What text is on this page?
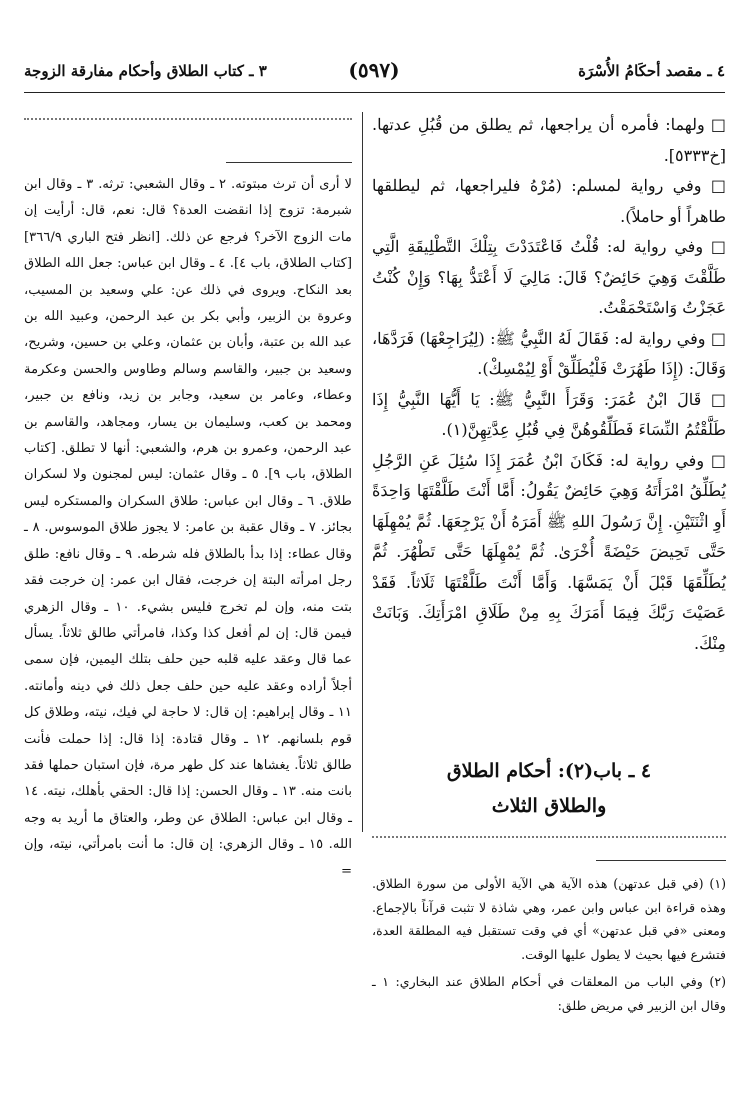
٤ ـ مقصد أحكَامُ الأُسْرَة
(٥٩٧)
٣ ـ كتاب الطلاق وأحكام مفارقة الزوجة

□ ولهما: فأمره أن يراجعها، ثم يطلق من قُبُلِ عدتها. [خ٥٣٣٣].

□ وفي رواية لمسلم: (مُرْهُ فليراجعها، ثم ليطلقها طاهراً أو حاملاً).

□ وفي رواية له: قُلْتُ فَاعْتَدَدْتَ بِتِلْكَ التَّطْلِيقَةِ الَّتِي طَلَّقْتَ وَهِيَ حَائِضٌ؟ قَالَ: مَالِيَ لَا أَعْتَدُّ بِهَا؟ وَإِنْ كُنْتُ عَجَزْتُ وَاسْتَحْمَقْتُ.

□ وفي رواية له: فَقَالَ لَهُ النَّبِيُّ ﷺ: (لِيُرَاجِعْهَا) فَرَدَّهَا، وَقَالَ: (إِذَا طَهُرَتْ فَلْيُطَلِّقْ أَوْ لِيُمْسِكْ).

□ قَالَ ابْنُ عُمَرَ: وَقَرَأَ النَّبِيُّ ﷺ: يَا أَيُّهَا النَّبِيُّ إِذَا طَلَّقْتُمُ النِّسَاءَ فَطَلِّقُوهُنَّ فِي قُبُلِ عِدَّتِهِنَّ(١).

□ وفي رواية له: فَكَانَ ابْنُ عُمَرَ إِذَا سُئِلَ عَنِ الرَّجُلِ يُطَلِّقُ امْرَأَتَهُ وَهِيَ حَائِضٌ يَقُولُ: أَمَّا أَنْتَ طَلَّقْتَهَا وَاحِدَةً أَوِ اثْنَتَيْنِ. إِنَّ رَسُولَ اللهِ ﷺ أَمَرَهُ أَنْ يَرْجِعَهَا. ثُمَّ يُمْهِلَهَا حَتَّى تَحِيضَ حَيْضَةً أُخْرَىٰ. ثُمَّ يُمْهِلَهَا حَتَّى تَطْهُرَ. ثُمَّ يُطَلِّقَهَا قَبْلَ أَنْ يَمَسَّهَا. وَأَمَّا أَنْتَ طَلَّقْتَهَا ثَلَاثاً. فَقَدْ عَصَيْتَ رَبَّكَ فِيمَا أَمَرَكَ بِهِ مِنْ طَلَاقِ امْرَأَتِكَ. وَبَانَتْ مِنْكَ.

٤ ـ باب(٢): أحكام الطلاق
والطلاق الثلاث

لا أرى أن ترث مبتوته. ٢ ـ وقال الشعبي: ترثه. ٣ ـ وقال ابن شبرمة: تزوج إذا انقضت العدة؟ قال: نعم، قال: أرأيت إن مات الزوج الآخر؟ فرجع عن ذلك. [انظر فتح الباري ٣٦٦/٩] [كتاب الطلاق، باب ٤]. ٤ ـ وقال ابن عباس: جعل الله الطلاق بعد النكاح. ويروى في ذلك عن: علي وسعيد بن المسيب، وعروة بن الزبير، وأبي بكر بن عبد الرحمن، وعبيد الله بن عبد الله بن عتبة، وأبان بن عثمان، وعلي بن حسين، وشريح، وسعيد بن جبير، والقاسم وسالم وطاوس والحسن وعكرمة وعطاء، وعامر بن سعيد، وجابر بن زيد، ونافع بن جبير، ومحمد بن كعب، وسليمان بن يسار، ومجاهد، والقاسم بن عبد الرحمن، وعمرو بن هرم، والشعبي: أنها لا تطلق. [كتاب الطلاق، باب ٩]. ٥ ـ وقال عثمان: ليس لمجنون ولا لسكران طلاق. ٦ ـ وقال ابن عباس: طلاق السكران والمستكره ليس بجائز. ٧ ـ وقال عقبة بن عامر: لا يجوز طلاق الموسوس. ٨ ـ وقال عطاء: إذا بدأ بالطلاق فله شرطه. ٩ ـ وقال نافع: طلق رجل امرأته البتة إن خرجت، فقال ابن عمر: إن خرجت فقد بتت منه، وإن لم تخرج فليس بشيء. ١٠ ـ وقال الزهري فيمن قال: إن لم أفعل كذا وكذا، فامرأتي طالق ثلاثاً. يسأل عما قال وعقد عليه قلبه حين حلف بتلك اليمين، فإن سمى أجلاً أراده وعقد عليه حين حلف جعل ذلك في دينه وأمانته. ١١ ـ وقال إبراهيم: إن قال: لا حاجة لي فيك، نيته، وطلاق كل قوم بلسانهم. ١٢ ـ وقال قتادة: إذا قال: إذا حملت فأنت طالق ثلاثاً. يغشاها عند كل طهر مرة، فإن استبان حملها فقد بانت منه. ١٣ ـ وقال الحسن: إذا قال: الحقي بأهلك، نيته. ١٤ ـ وقال ابن عباس: الطلاق عن وطر، والعتاق ما أريد به وجه الله. ١٥ ـ وقال الزهري: إن قال: ما أنت بامرأتي، نيته، وإن =

(١) (في قبل عدتهن) هذه الآية هي الآية الأولى من سورة الطلاق. وهذه قراءة ابن عباس وابن عمر، وهي شاذة لا تثبت قرآناً بالإجماع. ومعنى «في قبل عدتهن» أي في وقت تستقبل فيه المطلقة العدة، فتشرع فيها بحيث لا يطول عليها الوقت.

(٢) وفي الباب من المعلقات في أحكام الطلاق عند البخاري: ١ ـ وقال ابن الزبير في مريض طلق:
